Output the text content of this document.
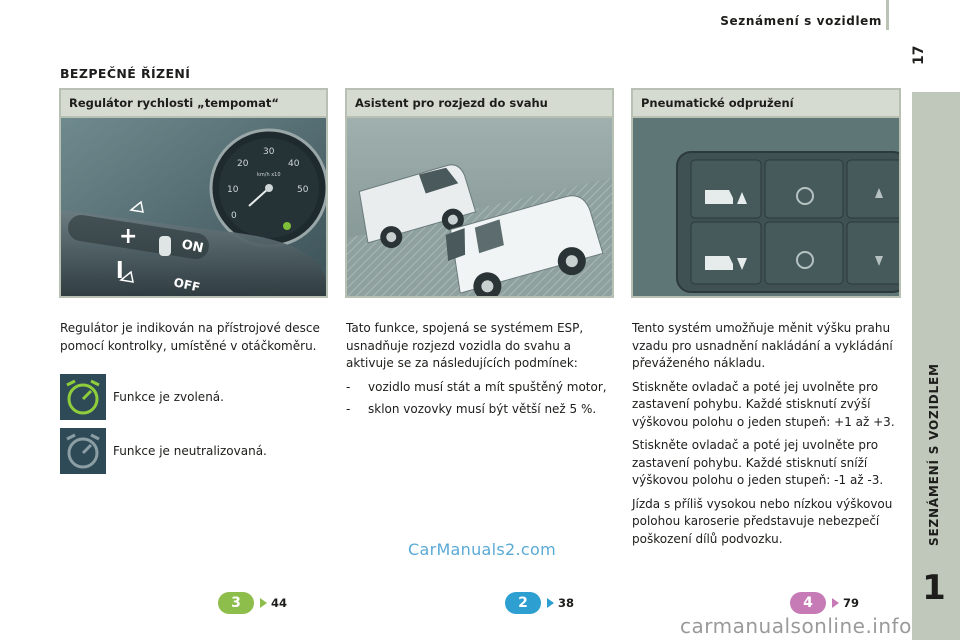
Seznámení s vozidlem
17
SEZNÁMENÍ S VOZIDLEM
1
BEZPEČNÉ ŘÍZENÍ
Regulátor rychlosti „tempomat“
30
20	40
10	50
0
km/h x10
ON
OFF
+
l
Asistent pro rozjezd do svahu	Pneumatické odpružení

Regulátor je indikován na přístrojové desce pomocí kontrolky, umístěné v otáčkoměru.

Funkce je zvolená.
Funkce je neutralizovaná.

Tato funkce, spojená se systémem ESP, usnadňuje rozjezd vozidla do svahu a aktivuje se za následujících podmínek:

-	vozidlo musí stát a mít spuštěný motor,
-	sklon vozovky musí být větší než 5 %.

Tento systém umožňuje měnit výšku prahu vzadu pro usnadnění nakládání a vykládání převáženého nákladu.

Stiskněte ovladač a poté jej uvolněte pro zastavení pohybu. Každé stisknutí zvýší výškovou polohu o jeden stupeň: +1 až +3.

Stiskněte ovladač a poté jej uvolněte pro zastavení pohybu. Každé stisknutí sníží výškovou polohu o jeden stupeň: -1 až -3.

Jízda s příliš vysokou nebo nízkou výškovou polohou karoserie představuje nebezpečí poškození dílů podvozku.

CarManuals2.com
3	44	2	38	4	79
carmanualsonline.info
